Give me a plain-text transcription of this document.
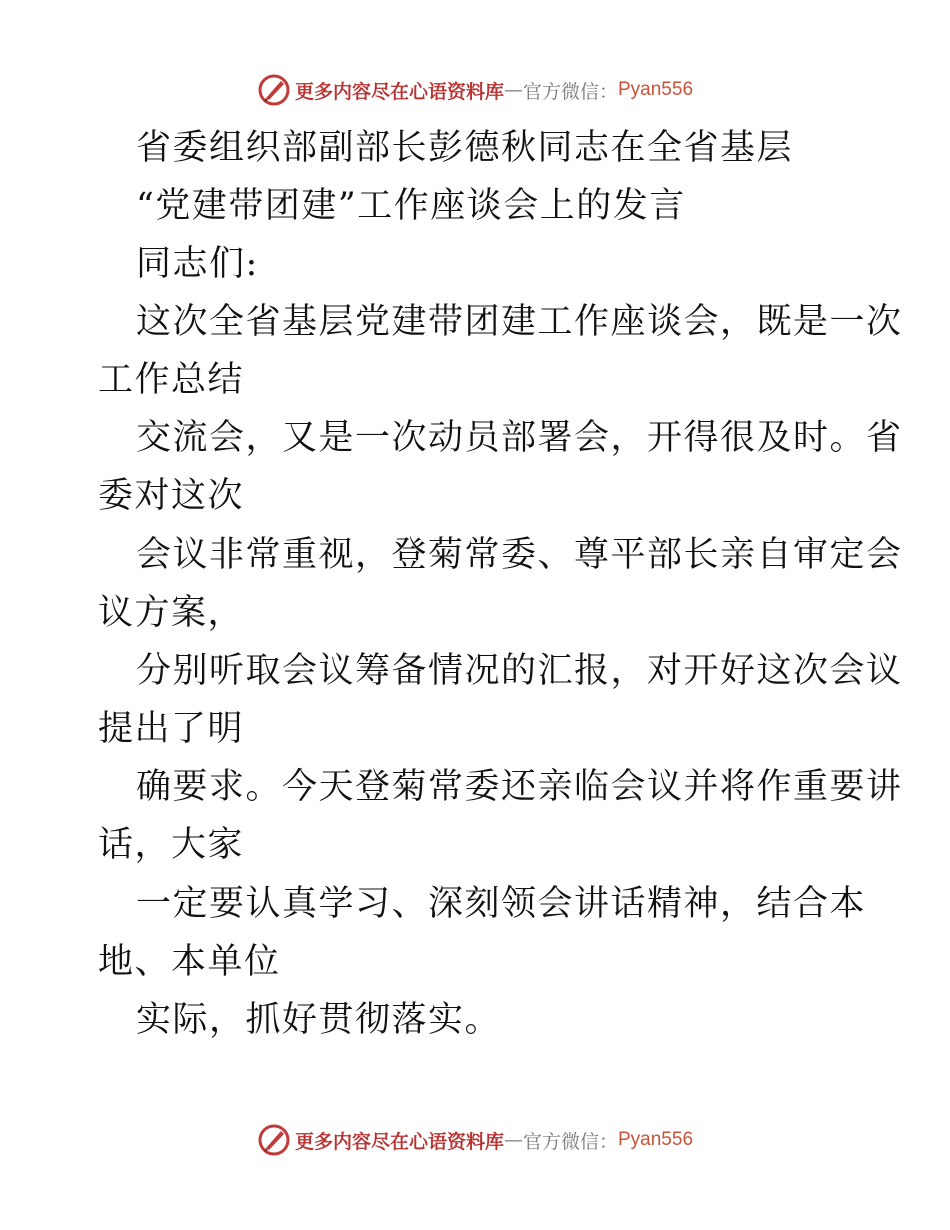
更多内容尽在心语资料库 — 官方微信： Pyan556
省委组织部副部长彭德秋同志在全省基层
“党建带团建”工作座谈会上的发言
同志们:
这次全省基层党建带团建工作座谈会，既是一次
工作总结
交流会，又是一次动员部署会，开得很及时。省
委对这次
会议非常重视，登菊常委、尊平部长亲自审定会
议方案，
分别听取会议筹备情况的汇报，对开好这次会议
提出了明
确要求。今天登菊常委还亲临会议并将作重要讲
话，大家
一定要认真学习、深刻领会讲话精神，结合本
地、本单位
实际，抓好贯彻落实。
更多内容尽在心语资料库 — 官方微信： Pyan556
